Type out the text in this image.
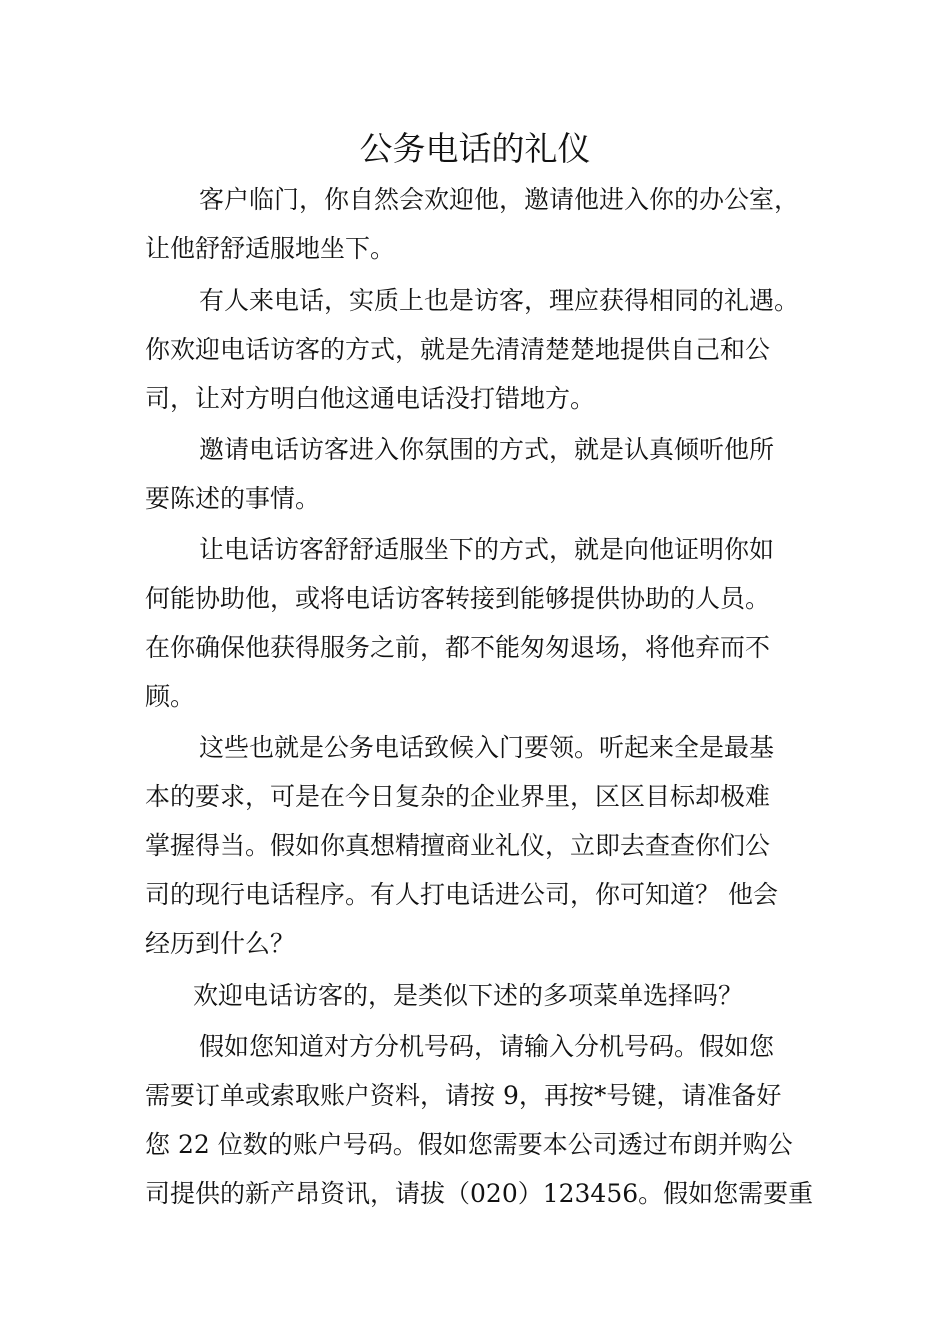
公务电话的礼仪
客户临门，你自然会欢迎他，邀请他进入你的办公室，
让他舒舒适服地坐下。
有人来电话，实质上也是访客，理应获得相同的礼遇。
你欢迎电话访客的方式，就是先清清楚楚地提供自己和公
司，让对方明白他这通电话没打错地方。
邀请电话访客进入你氛围的方式，就是认真倾听他所
要陈述的事情。
让电话访客舒舒适服坐下的方式，就是向他证明你如
何能协助他，或将电话访客转接到能够提供协助的人员。
在你确保他获得服务之前，都不能匆匆退场，将他弃而不
顾。
这些也就是公务电话致候入门要领。听起来全是最基
本的要求，可是在今日复杂的企业界里，区区目标却极难
掌握得当。假如你真想精擅商业礼仪，立即去查查你们公
司的现行电话程序。有人打电话进公司，你可知道？ 他会
经历到什么？
欢迎电话访客的，是类似下述的多项菜单选择吗？
假如您知道对方分机号码，请输入分机号码。假如您
需要订单或索取账户资料，请按 9，再按*号键，请准备好
您 22 位数的账户号码。假如您需要本公司透过布朗并购公
司提供的新产昂资讯，请拔（020）123456。假如您需要重
